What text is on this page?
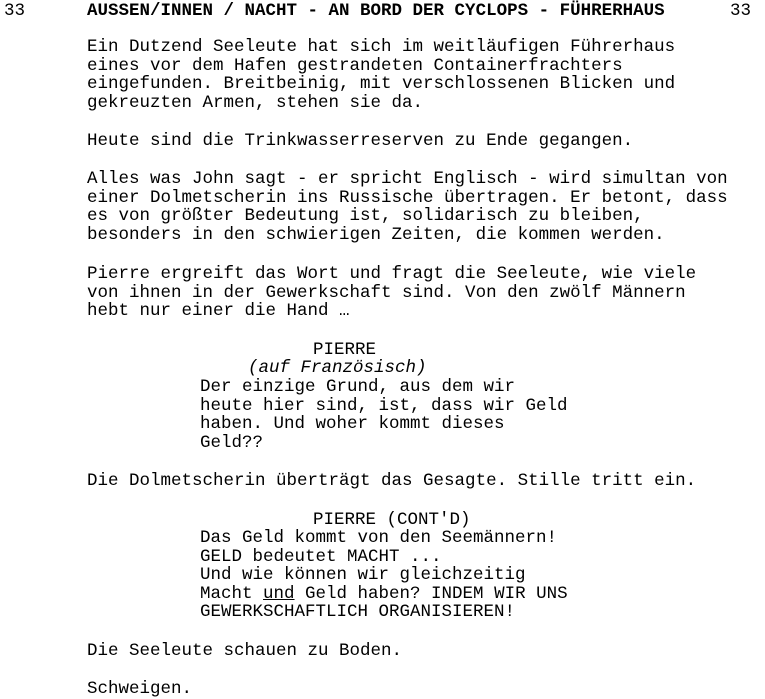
33	AUSSEN/INNEN / NACHT - AN BORD DER CYCLOPS - FÜHRERHAUS	33
Ein Dutzend Seeleute hat sich im weitläufigen Führerhaus
eines vor dem Hafen gestrandeten Containerfrachters
eingefunden. Breitbeinig, mit verschlossenen Blicken und
gekreuzten Armen, stehen sie da.
Heute sind die Trinkwasserreserven zu Ende gegangen.
Alles was John sagt - er spricht Englisch - wird simultan von
einer Dolmetscherin ins Russische übertragen. Er betont, dass
es von größter Bedeutung ist, solidarisch zu bleiben,
besonders in den schwierigen Zeiten, die kommen werden.
Pierre ergreift das Wort und fragt die Seeleute, wie viele
von ihnen in der Gewerkschaft sind. Von den zwölf Männern
hebt nur einer die Hand …
PIERRE
(auf Französisch)
Der einzige Grund, aus dem wir
heute hier sind, ist, dass wir Geld
haben. Und woher kommt dieses
Geld??
Die Dolmetscherin überträgt das Gesagte. Stille tritt ein.
PIERRE (CONT'D)
Das Geld kommt von den Seemännern!
GELD bedeutet MACHT ...
Und wie können wir gleichzeitig
Macht und Geld haben? INDEM WIR UNS
GEWERKSCHAFTLICH ORGANISIEREN!
Die Seeleute schauen zu Boden.
Schweigen.
